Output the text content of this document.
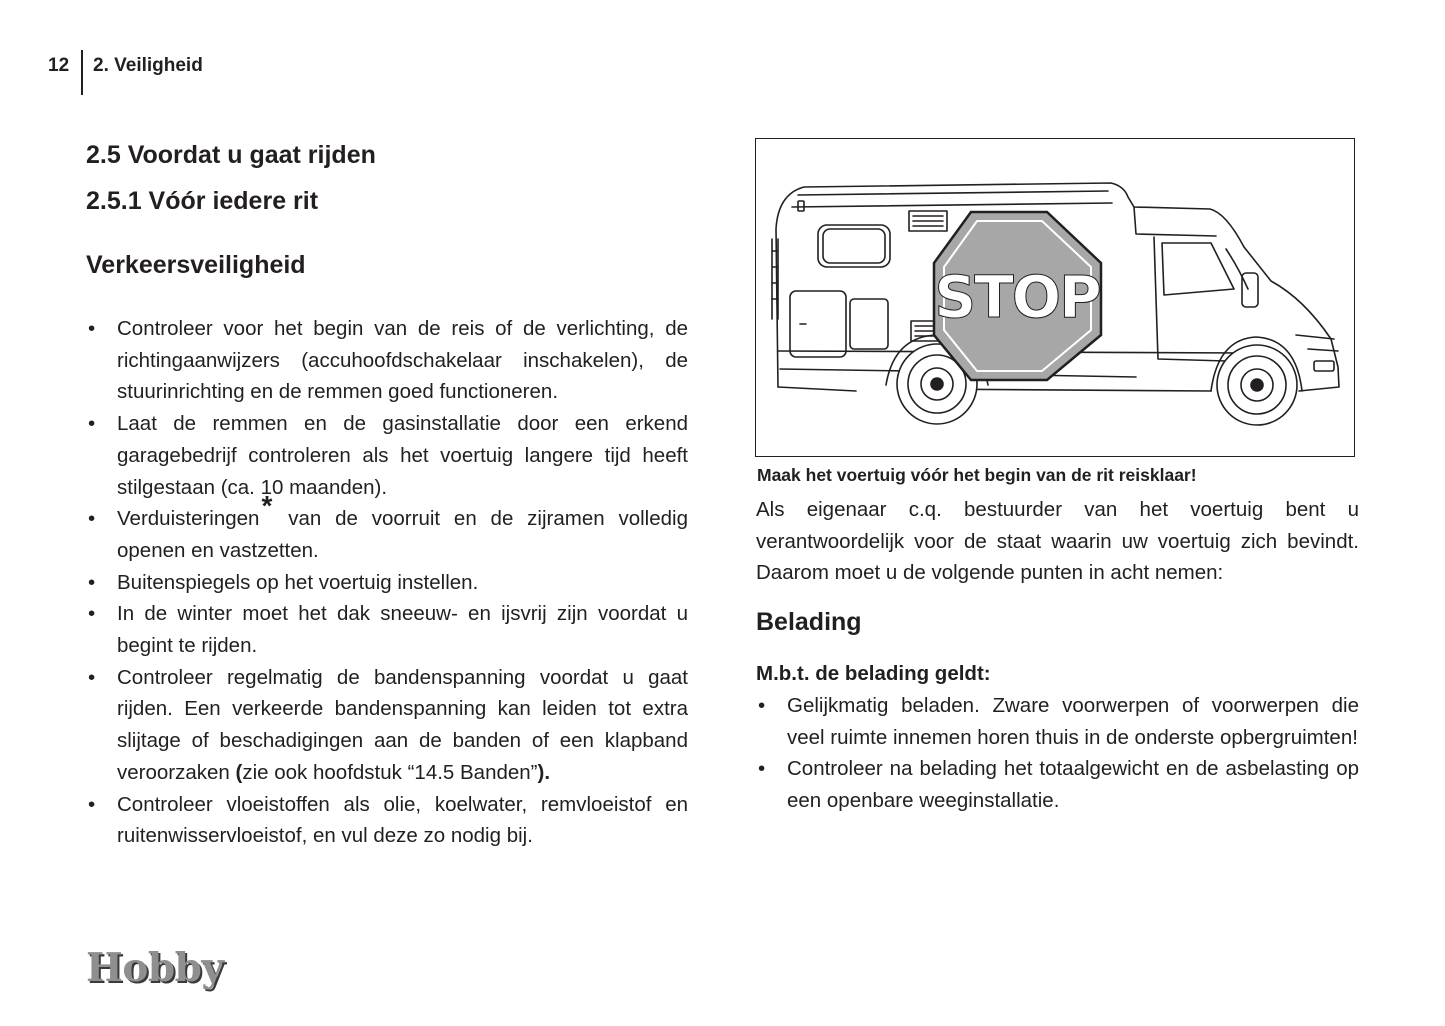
12 2. Veiligheid
2.5 Voordat u gaat rijden
2.5.1 Vóór iedere rit
Verkeersveiligheid
• Controleer voor het begin van de reis of de verlichting, de richtingaanwijzers (accuhoofdschakelaar inschakelen), de stuurinrichting en de remmen goed functioneren.
• Laat de remmen en de gasinstallatie door een erkend garagebedrijf controleren als het voertuig langere tijd heeft stilgestaan (ca. 10 maanden).
• Verduisteringen* van de voorruit en de zijramen volledig openen en vastzetten.
• Buitenspiegels op het voertuig instellen.
• In de winter moet het dak sneeuw- en ijsvrij zijn voordat u begint te rijden.
• Controleer regelmatig de bandenspanning voordat u gaat rijden. Een verkeerde bandenspanning kan leiden tot extra slijtage of beschadigingen aan de banden of een klapband veroorzaken (zie ook hoofdstuk “14.5 Banden”).
• Controleer vloeistoffen als olie, koelwater, remvloeistof en ruitenwisservloeistof, en vul deze zo nodig bij.
STOP
Maak het voertuig vóór het begin van de rit reisklaar!

Als eigenaar c.q. bestuurder van het voertuig bent u verantwoordelijk voor de staat waarin uw voertuig zich bevindt. Daarom moet u de volgende punten in acht nemen:

Belading
M.b.t. de belading geldt:
• Gelijkmatig beladen. Zware voorwerpen of voorwerpen die veel ruimte innemen horen thuis in de onderste opbergruimten!
• Controleer na belading het totaalgewicht en de asbelasting op een openbare weeginstallatie.
Hobby
